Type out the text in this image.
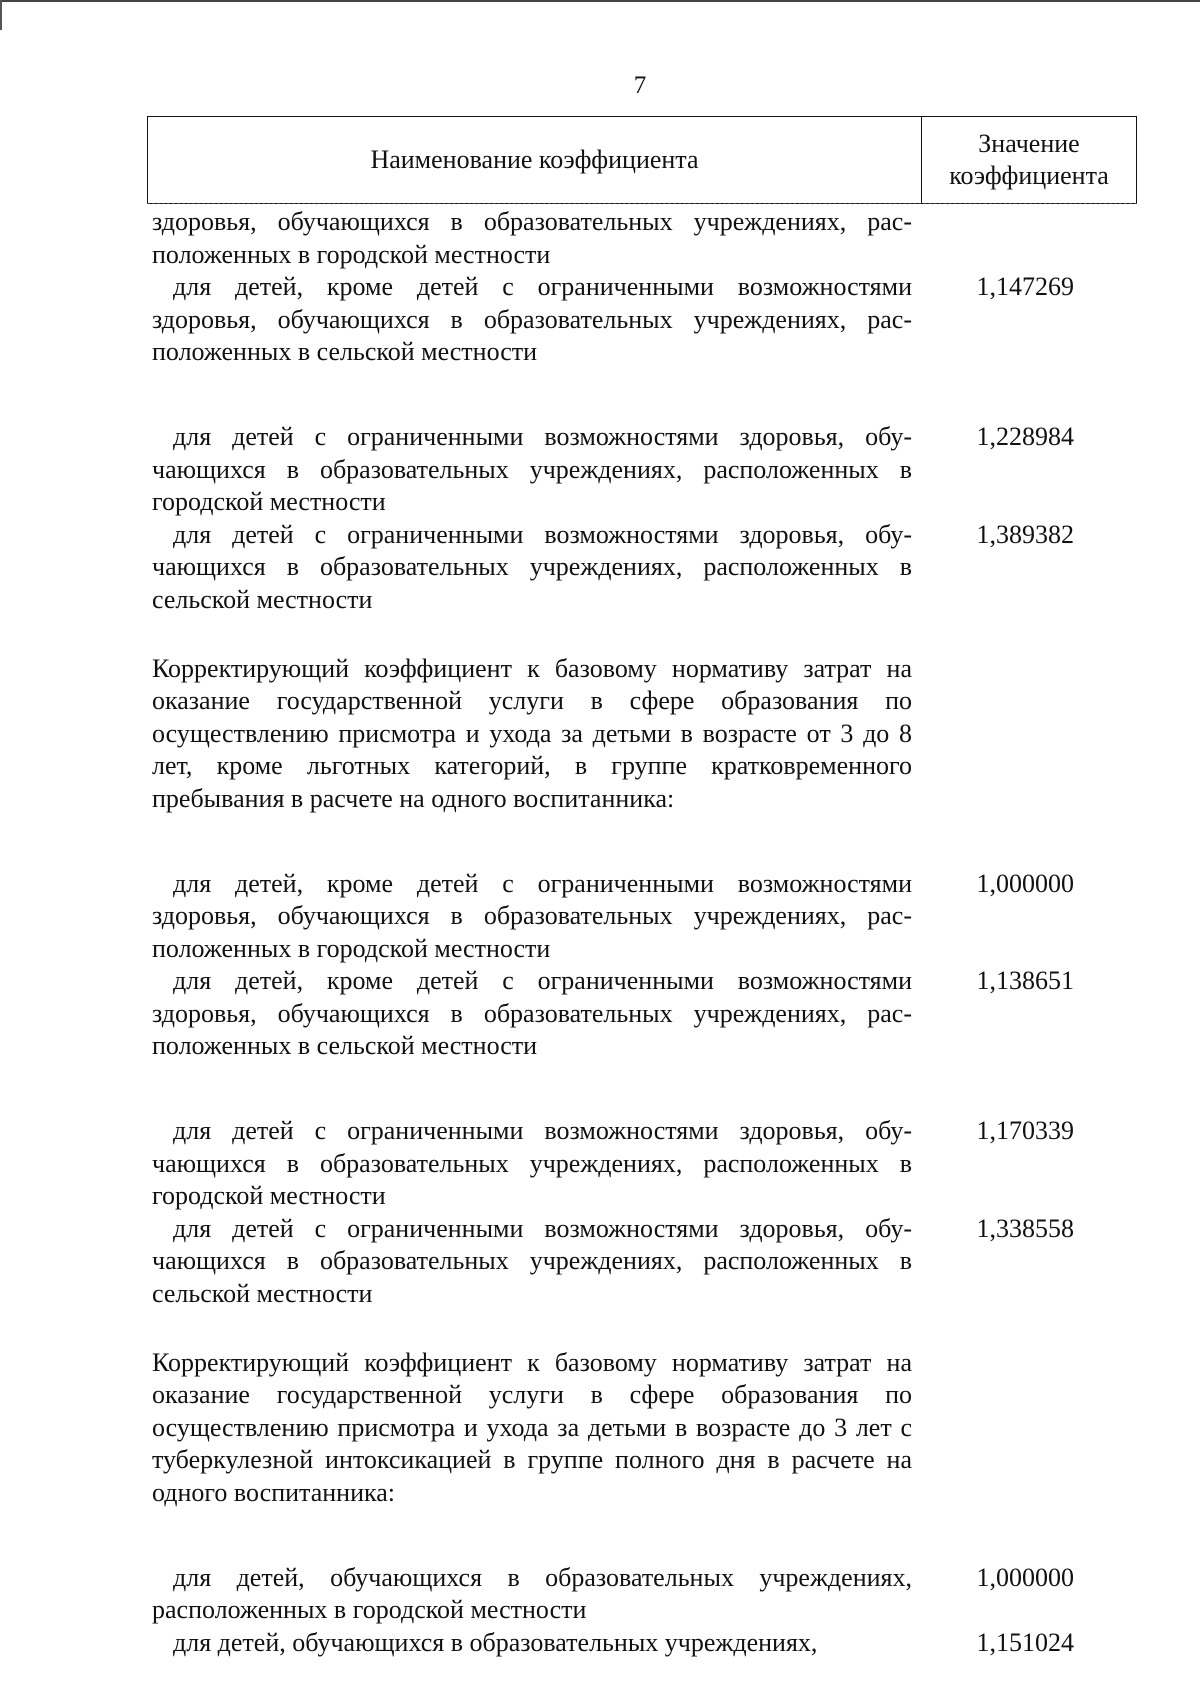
7
Наименование коэффициента
Значение
коэффициента
здоровья, обучающихся в образовательных учреждениях, расположенных в городской местности
для детей, кроме детей с ограниченными возможностями здоровья, обучающихся в образовательных учреждениях, расположенных в сельской местности
1,147269
для детей с ограниченными возможностями здоровья, обучающихся в образовательных учреждениях, расположенных в городской местности
1,228984
для детей с ограниченными возможностями здоровья, обучающихся в образовательных учреждениях, расположенных в сельской местности
1,389382
Корректирующий коэффициент к базовому нормативу затрат на оказание государственной услуги в сфере образования по осуществлению присмотра и ухода за детьми в возрасте от 3 до 8 лет, кроме льготных категорий, в группе кратковременного пребывания в расчете на одного воспитанника:
для детей, кроме детей с ограниченными возможностями здоровья, обучающихся в образовательных учреждениях, расположенных в городской местности
1,000000
для детей, кроме детей с ограниченными возможностями здоровья, обучающихся в образовательных учреждениях, расположенных в сельской местности
1,138651
для детей с ограниченными возможностями здоровья, обучающихся в образовательных учреждениях, расположенных в городской местности
1,170339
для детей с ограниченными возможностями здоровья, обучающихся в образовательных учреждениях, расположенных в сельской местности
1,338558
Корректирующий коэффициент к базовому нормативу затрат на оказание государственной услуги в сфере образования по осуществлению присмотра и ухода за детьми в возрасте до 3 лет с туберкулезной интоксикацией в группе полного дня в расчете на одного воспитанника:
для детей, обучающихся в образовательных учреждениях, расположенных в городской местности
1,000000
для детей, обучающихся в образовательных учреждениях,	1,151024
